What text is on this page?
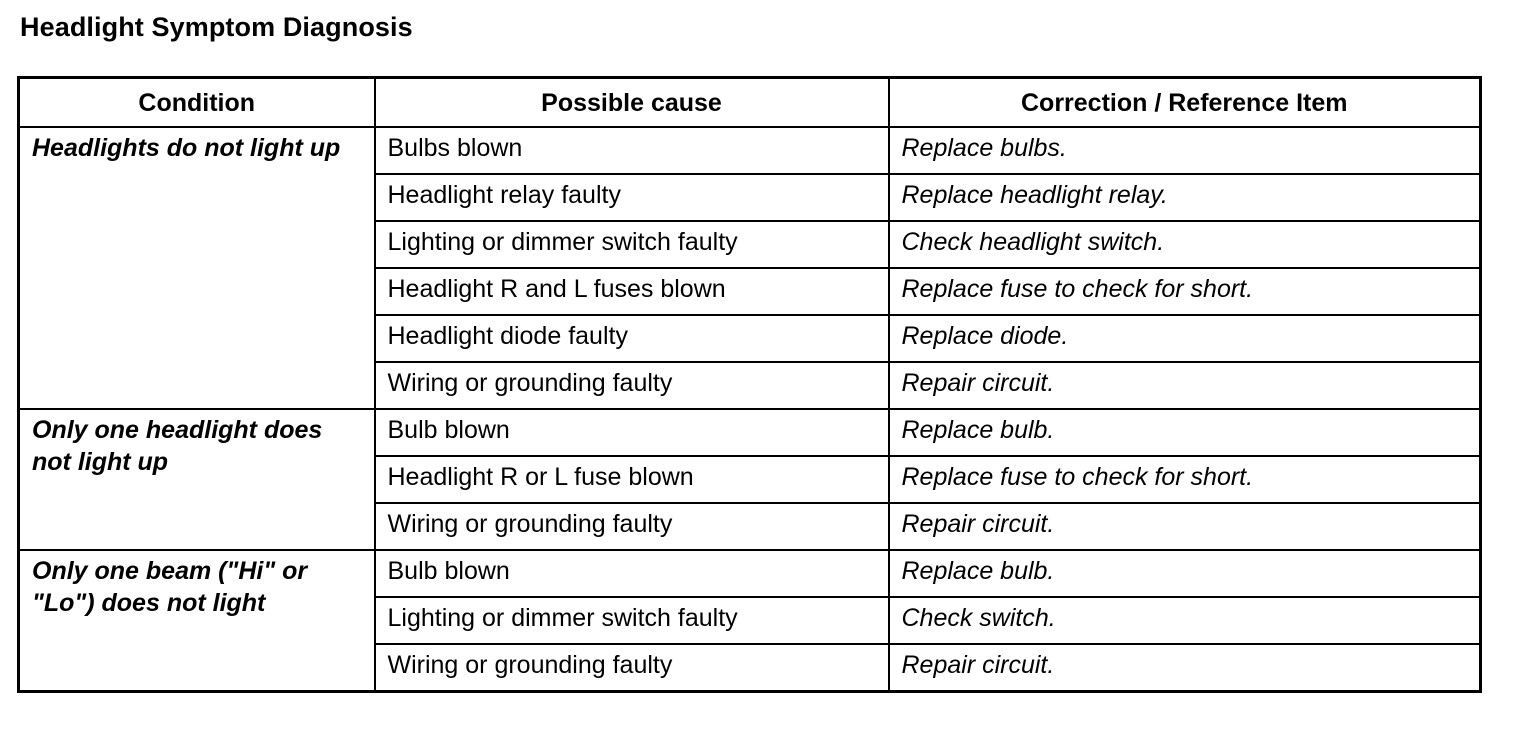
Headlight Symptom Diagnosis
Condition	Possible cause	Correction / Reference Item
Headlights do not light up	Bulbs blown	Replace bulbs.
	Headlight relay faulty	Replace headlight relay.
	Lighting or dimmer switch faulty	Check headlight switch.
	Headlight R and L fuses blown	Replace fuse to check for short.
	Headlight diode faulty	Replace diode.
	Wiring or grounding faulty	Repair circuit.
Only one headlight does not light up	Bulb blown	Replace bulb.
	Headlight R or L fuse blown	Replace fuse to check for short.
	Wiring or grounding faulty	Repair circuit.
Only one beam ("Hi" or "Lo") does not light	Bulb blown	Replace bulb.
	Lighting or dimmer switch faulty	Check switch.
	Wiring or grounding faulty	Repair circuit.
